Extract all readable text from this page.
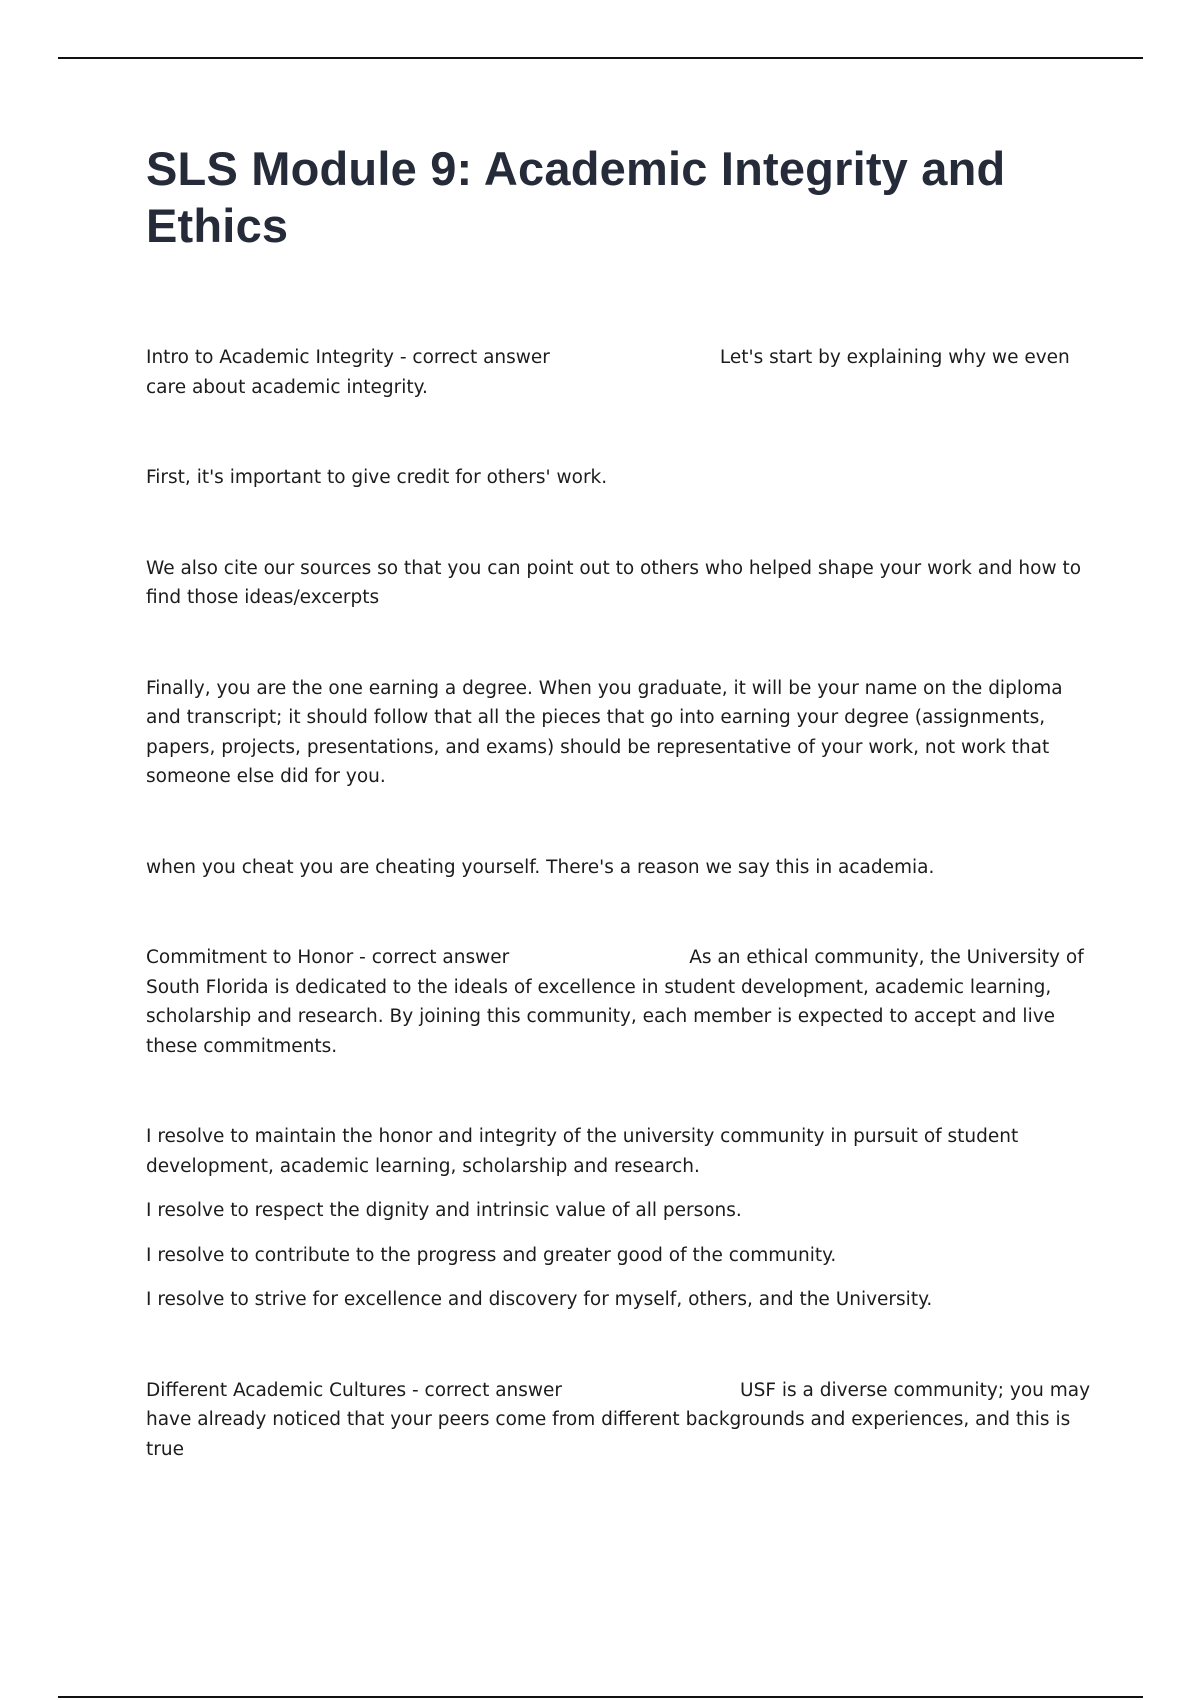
SLS Module 9: Academic Integrity and Ethics

Intro to Academic Integrity - correct answer	Let's start by explaining why we even care about academic integrity.

First, it's important to give credit for others' work.

We also cite our sources so that you can point out to others who helped shape your work and how to find those ideas/excerpts

Finally, you are the one earning a degree. When you graduate, it will be your name on the diploma and transcript; it should follow that all the pieces that go into earning your degree (assignments, papers, projects, presentations, and exams) should be representative of your work, not work that someone else did for you.

when you cheat you are cheating yourself. There's a reason we say this in academia.

Commitment to Honor - correct answer	As an ethical community, the University of South Florida is dedicated to the ideals of excellence in student development, academic learning, scholarship and research. By joining this community, each member is expected to accept and live these commitments.

I resolve to maintain the honor and integrity of the university community in pursuit of student development, academic learning, scholarship and research.

I resolve to respect the dignity and intrinsic value of all persons.

I resolve to contribute to the progress and greater good of the community.

I resolve to strive for excellence and discovery for myself, others, and the University.

Different Academic Cultures - correct answer	USF is a diverse community; you may have already noticed that your peers come from different backgrounds and experiences, and this is true
